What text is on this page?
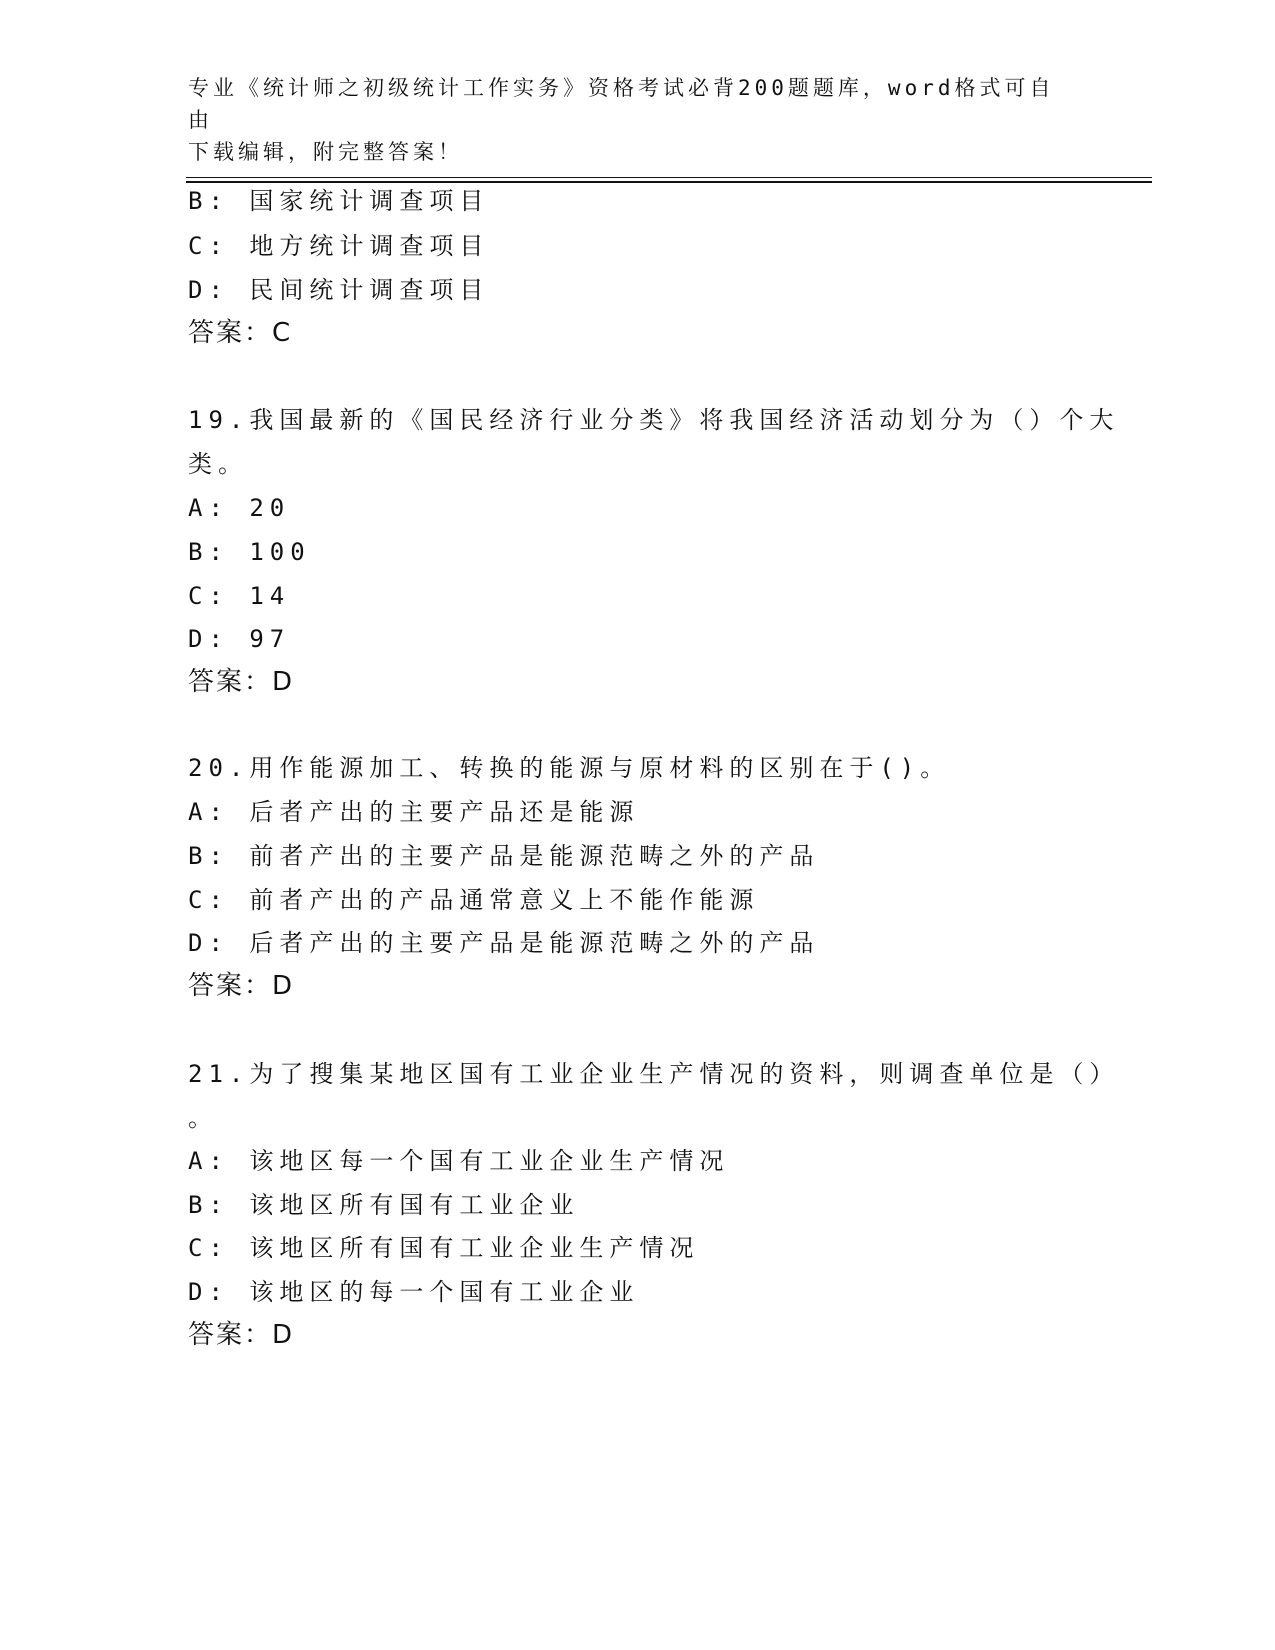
专业《统计师之初级统计工作实务》资格考试必背200题题库，word格式可自由
下载编辑，附完整答案！
B: 国家统计调查项目
C: 地方统计调查项目
D: 民间统计调查项目
答案：C
19.我国最新的《国民经济行业分类》将我国经济活动划分为（）个大
类。
A: 20
B: 100
C: 14
D: 97
答案：D
20.用作能源加工、转换的能源与原材料的区别在于()。
A: 后者产出的主要产品还是能源
B: 前者产出的主要产品是能源范畴之外的产品
C: 前者产出的产品通常意义上不能作能源
D: 后者产出的主要产品是能源范畴之外的产品
答案：D
21.为了搜集某地区国有工业企业生产情况的资料，则调查单位是（）
。
A: 该地区每一个国有工业企业生产情况
B: 该地区所有国有工业企业
C: 该地区所有国有工业企业生产情况
D: 该地区的每一个国有工业企业
答案：D
